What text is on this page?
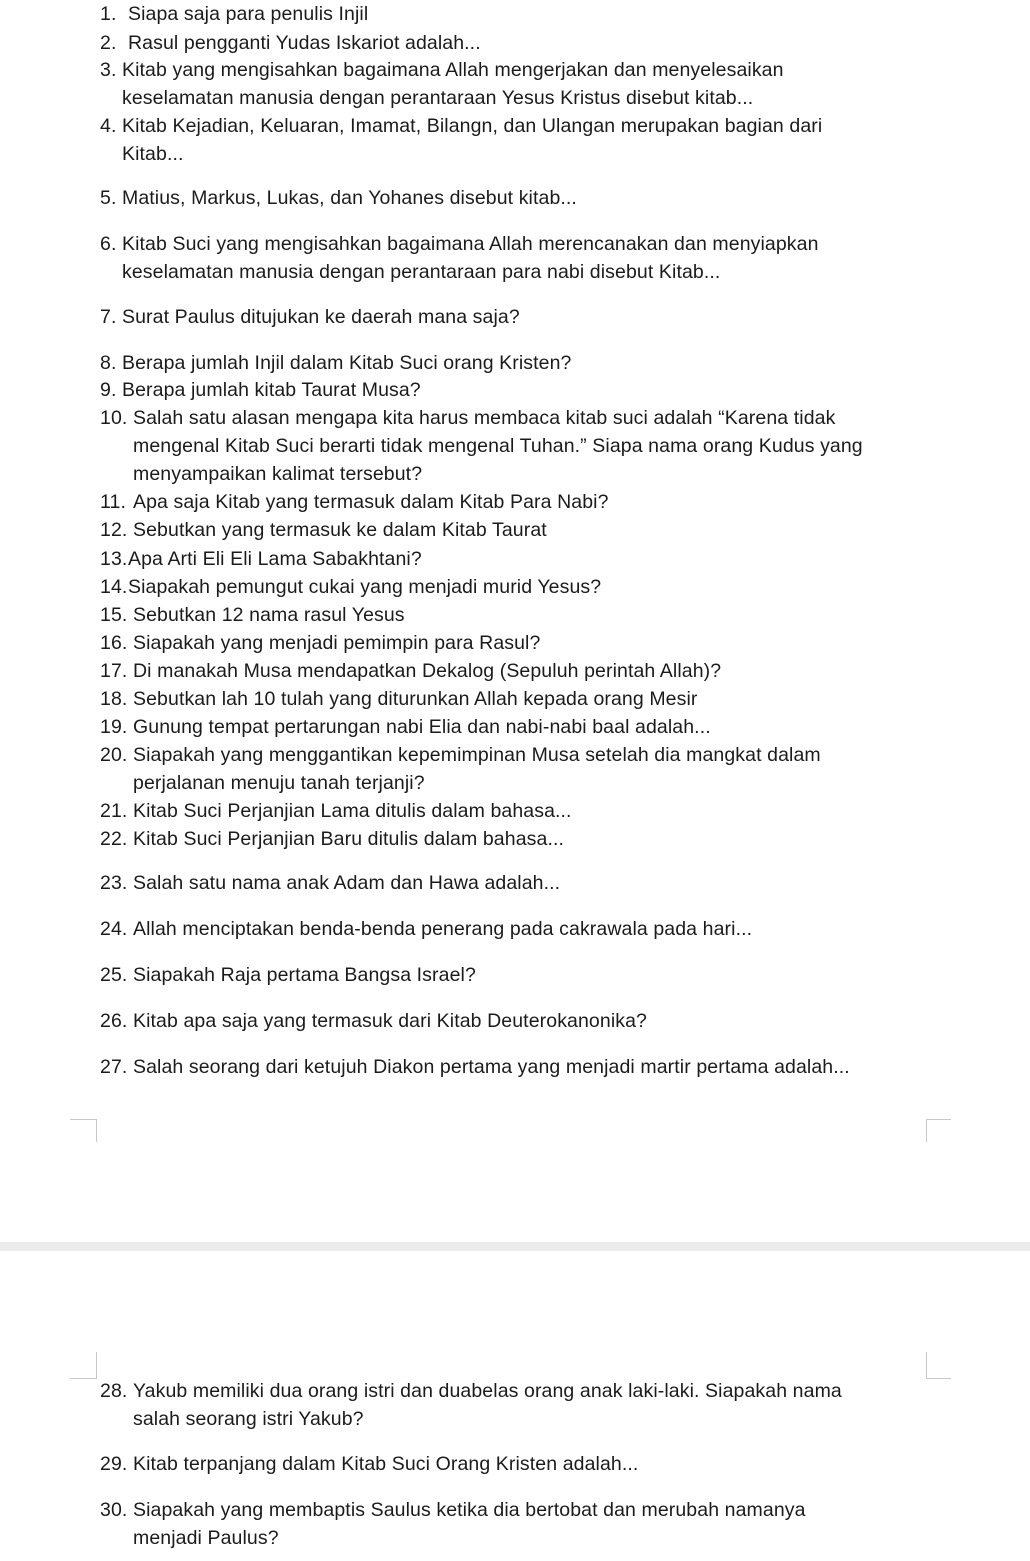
1. Siapa saja para penulis Injil
2. Rasul pengganti Yudas Iskariot adalah...
3. Kitab yang mengisahkan bagaimana Allah mengerjakan dan menyelesaikan
keselamatan manusia dengan perantaraan Yesus Kristus disebut kitab...
4. Kitab Kejadian, Keluaran, Imamat, Bilangn, dan Ulangan merupakan bagian dari
Kitab...
5. Matius, Markus, Lukas, dan Yohanes disebut kitab...
6. Kitab Suci yang mengisahkan bagaimana Allah merencanakan dan menyiapkan
keselamatan manusia dengan perantaraan para nabi disebut Kitab...
7. Surat Paulus ditujukan ke daerah mana saja?
8. Berapa jumlah Injil dalam Kitab Suci orang Kristen?
9. Berapa jumlah kitab Taurat Musa?
10. Salah satu alasan mengapa kita harus membaca kitab suci adalah “Karena tidak
mengenal Kitab Suci berarti tidak mengenal Tuhan.” Siapa nama orang Kudus yang
menyampaikan kalimat tersebut?
11. Apa saja Kitab yang termasuk dalam Kitab Para Nabi?
12. Sebutkan yang termasuk ke dalam Kitab Taurat
13. Apa Arti Eli Eli Lama Sabakhtani?
14. Siapakah pemungut cukai yang menjadi murid Yesus?
15. Sebutkan 12 nama rasul Yesus
16. Siapakah yang menjadi pemimpin para Rasul?
17. Di manakah Musa mendapatkan Dekalog (Sepuluh perintah Allah)?
18. Sebutkan lah 10 tulah yang diturunkan Allah kepada orang Mesir
19. Gunung tempat pertarungan nabi Elia dan nabi-nabi baal adalah...
20. Siapakah yang menggantikan kepemimpinan Musa setelah dia mangkat dalam
perjalanan menuju tanah terjanji?
21. Kitab Suci Perjanjian Lama ditulis dalam bahasa...
22. Kitab Suci Perjanjian Baru ditulis dalam bahasa...
23. Salah satu nama anak Adam dan Hawa adalah...
24. Allah menciptakan benda-benda penerang pada cakrawala pada hari...
25. Siapakah Raja pertama Bangsa Israel?
26. Kitab apa saja yang termasuk dari Kitab Deuterokanonika?
27. Salah seorang dari ketujuh Diakon pertama yang menjadi martir pertama adalah...
28. Yakub memiliki dua orang istri dan duabelas orang anak laki-laki. Siapakah nama
salah seorang istri Yakub?
29. Kitab terpanjang dalam Kitab Suci Orang Kristen adalah...
30. Siapakah yang membaptis Saulus ketika dia bertobat dan merubah namanya
menjadi Paulus?
